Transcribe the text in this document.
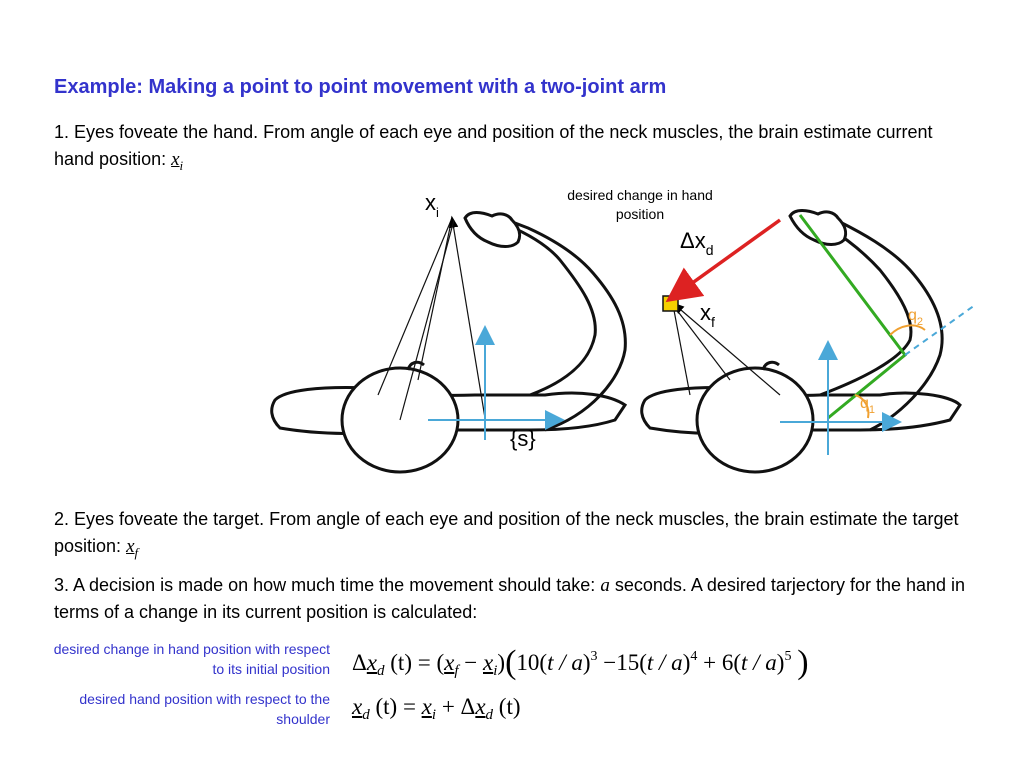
Example: Making a point to point movement with a two-joint arm
1. Eyes foveate the hand. From angle of each eye and position of the neck muscles, the brain estimate current hand position: $x_i$
desired change in hand position
{s}
$x_i$
$\Delta x_d$
$x_f$	$q_2$
$q_1$
2. Eyes foveate the target. From angle of each eye and position of the neck muscles, the brain estimate the target position: $x_f$
3. A decision is made on how much time the movement should take: a seconds. A desired tarjectory for the hand in terms of a change in its current position is calculated:
desired change in hand position with respect to its initial position $\Delta x_d$ $(t) = (x_f - x_i)(10(t / a)^3 -15(t / a)^4 + 6(t / a)^5$ )
desired hand position with respect to the shoulder $x_d$ $(t) = x_i + \Delta x_d$ (t)
